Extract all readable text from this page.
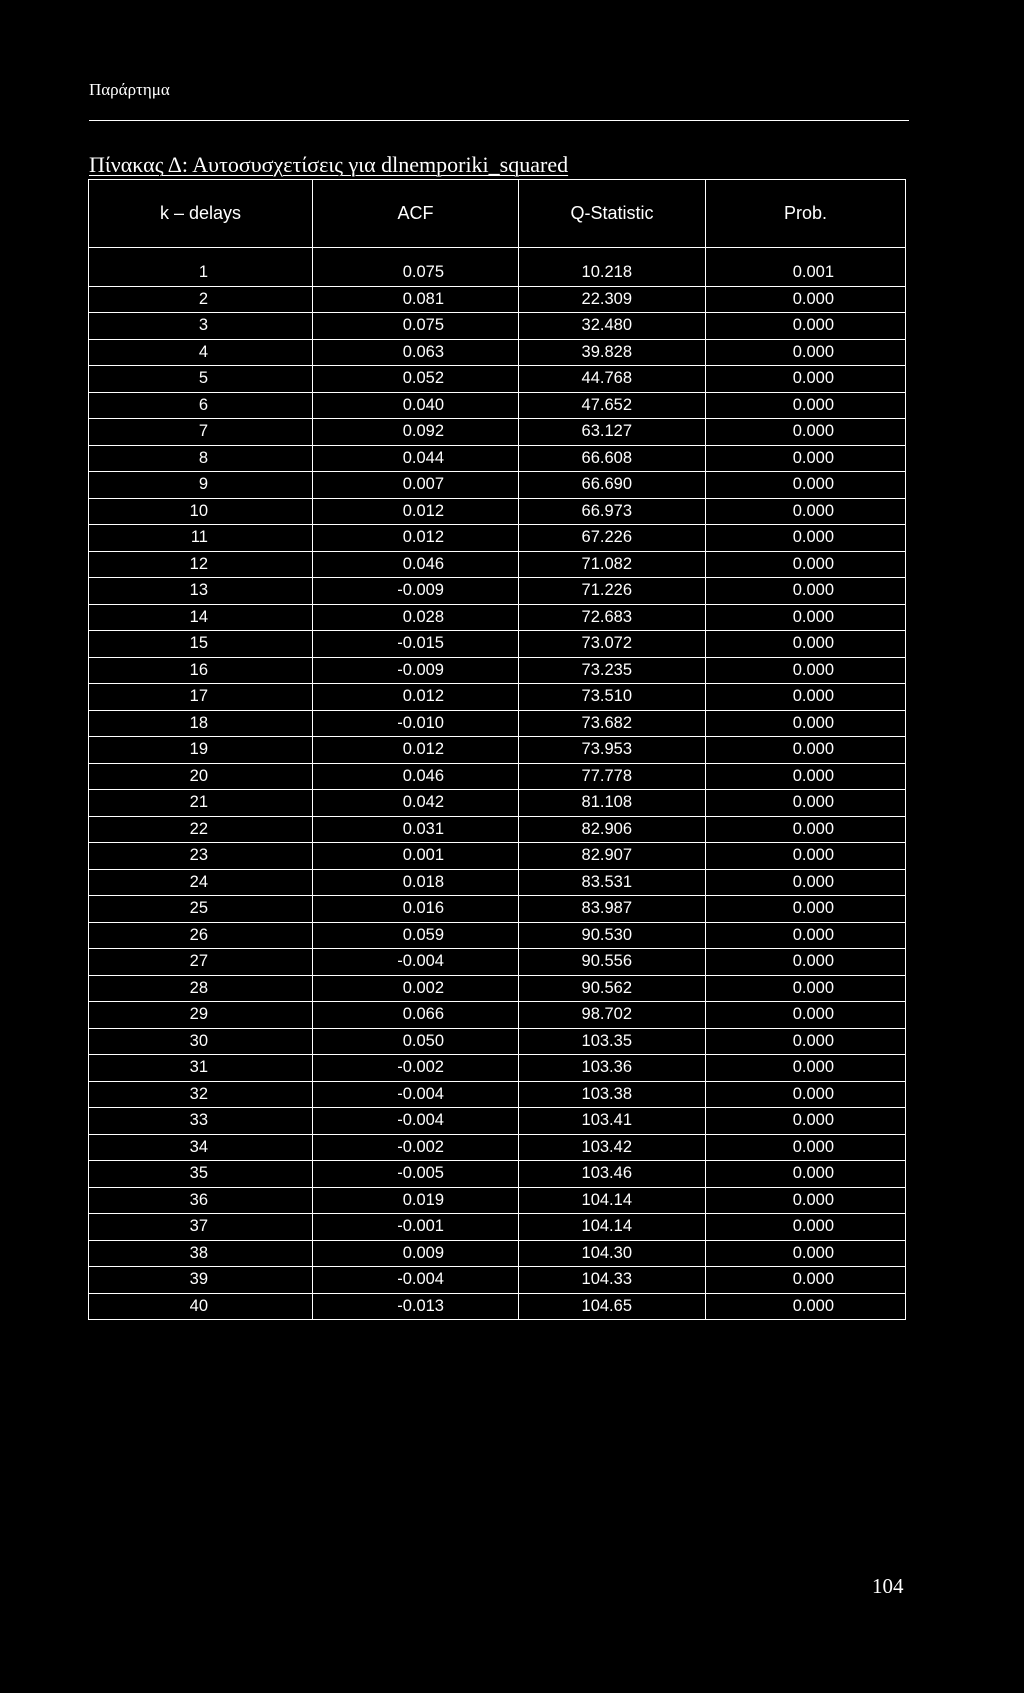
Παράρτημα
Πίνακας Δ: Αυτοσυσχετίσεις για dlnemporiki_squared
k – delays	ACF	Q-Statistic	Prob.
1	0.075	10.218	0.001
2	0.081	22.309	0.000
3	0.075	32.480	0.000
4	0.063	39.828	0.000
5	0.052	44.768	0.000
6	0.040	47.652	0.000
7	0.092	63.127	0.000
8	0.044	66.608	0.000
9	0.007	66.690	0.000
10	0.012	66.973	0.000
11	0.012	67.226	0.000
12	0.046	71.082	0.000
13	-0.009	71.226	0.000
14	0.028	72.683	0.000
15	-0.015	73.072	0.000
16	-0.009	73.235	0.000
17	0.012	73.510	0.000
18	-0.010	73.682	0.000
19	0.012	73.953	0.000
20	0.046	77.778	0.000
21	0.042	81.108	0.000
22	0.031	82.906	0.000
23	0.001	82.907	0.000
24	0.018	83.531	0.000
25	0.016	83.987	0.000
26	0.059	90.530	0.000
27	-0.004	90.556	0.000
28	0.002	90.562	0.000
29	0.066	98.702	0.000
30	0.050	103.35	0.000
31	-0.002	103.36	0.000
32	-0.004	103.38	0.000
33	-0.004	103.41	0.000
34	-0.002	103.42	0.000
35	-0.005	103.46	0.000
36	0.019	104.14	0.000
37	-0.001	104.14	0.000
38	0.009	104.30	0.000
39	-0.004	104.33	0.000
40	-0.013	104.65	0.000
104
